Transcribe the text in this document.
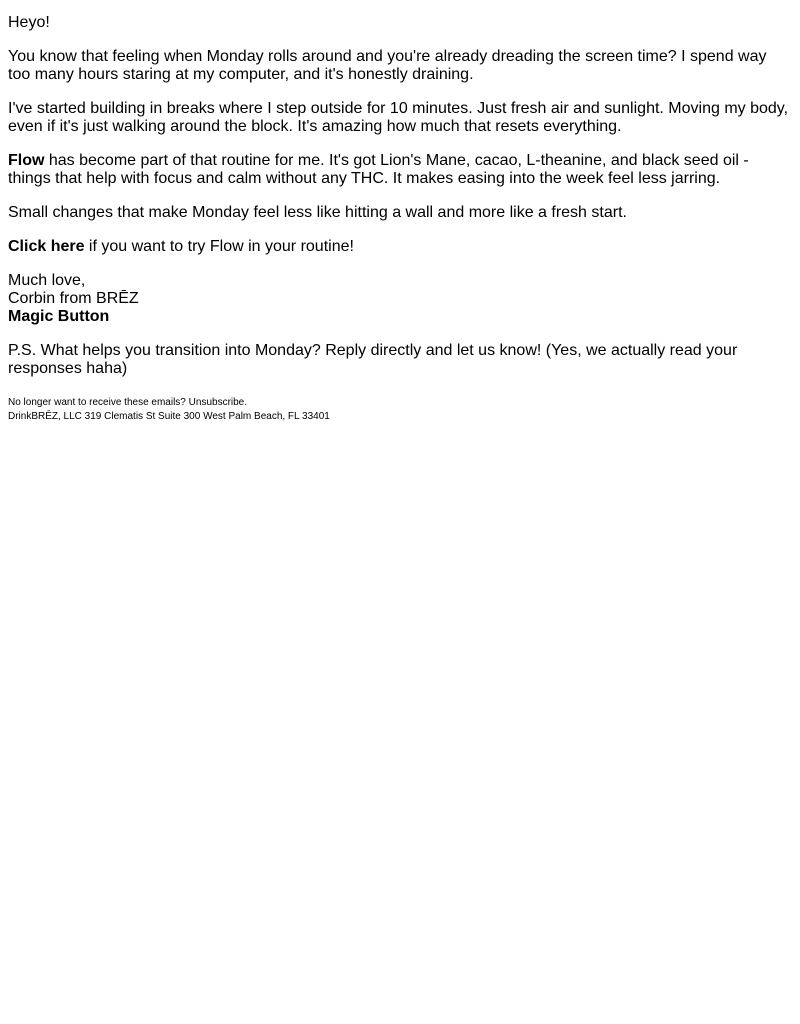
Heyo!

You know that feeling when Monday rolls around and you're already dreading the screen time? I spend way too many hours staring at my computer, and it's honestly draining.

I've started building in breaks where I step outside for 10 minutes. Just fresh air and sunlight. Moving my body, even if it's just walking around the block. It's amazing how much that resets everything.

Flow has become part of that routine for me. It's got Lion's Mane, cacao, L-theanine, and black seed oil - things that help with focus and calm without any THC. It makes easing into the week feel less jarring.

Small changes that make Monday feel less like hitting a wall and more like a fresh start.

Click here if you want to try Flow in your routine!

Much love,
Corbin from BRĒZ
Magic Button

P.S. What helps you transition into Monday? Reply directly and let us know! (Yes, we actually read your responses haha)

No longer want to receive these emails? Unsubscribe.
DrinkBRĒZ, LLC 319 Clematis St Suite 300 West Palm Beach, FL 33401
